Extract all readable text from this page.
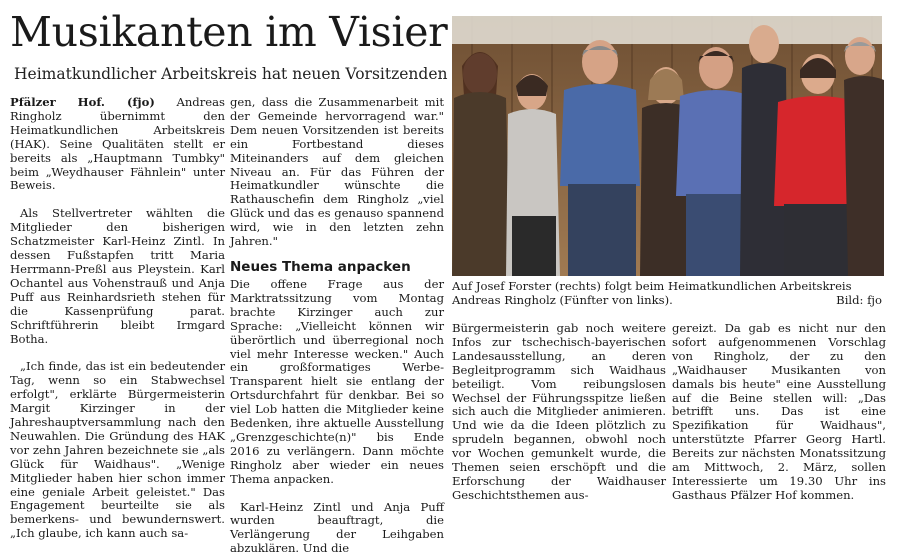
Musikanten im Visier
Heimatkundlicher Arbeitskreis hat neuen Vorsitzenden

Pfälzer Hof. (fjo) Andreas Ringholz übernimmt den Heimatkundlichen Arbeitskreis (HAK). Seine Qualitäten stellt er bereits als „Hauptmann Tumbky" beim „Weydhauser Fähnlein" unter Beweis.

Als Stellvertreter wählten die Mitglieder den bisherigen Schatzmeister Karl-Heinz Zintl. In dessen Fußstapfen tritt Maria Herrmann-Preßl aus Pleystein. Karl Ochantel aus Vohenstrauß und Anja Puff aus Reinhardsrieth stehen für die Kassenprüfung parat. Schriftführerin bleibt Irmgard Botha.

„Ich finde, das ist ein bedeutender Tag, wenn so ein Stabwechsel erfolgt", erklärte Bürgermeisterin Margit Kirzinger in der Jahreshauptversammlung nach den Neuwahlen. Die Gründung des HAK vor zehn Jahren bezeichnete sie „als Glück für Waidhaus". „Wenige Mitglieder haben hier schon immer eine geniale Arbeit geleistet." Das Engagement beurteilte sie als bemerkens- und bewundernswert. „Ich glaube, ich kann auch sa-

gen, dass die Zusammenarbeit mit der Gemeinde hervorragend war." Dem neuen Vorsitzenden ist bereits ein Fortbestand dieses Miteinanders auf dem gleichen Niveau an. Für das Führen der Heimatkundler wünschte die Rathauschefin dem Ringholz „viel Glück und das es genauso spannend wird, wie in den letzten zehn Jahren."

Neues Thema anpacken

Die offene Frage aus der Marktratssitzung vom Montag brachte Kirzinger auch zur Sprache: „Vielleicht können wir überörtlich und überregional noch viel mehr Interesse wecken." Auch ein großformatiges Werbe-Transparent hielt sie entlang der Ortsdurchfahrt für denkbar. Bei so viel Lob hatten die Mitglieder keine Bedenken, ihre aktuelle Ausstellung „Grenzgeschichte(n)" bis Ende 2016 zu verlängern. Dann möchte Ringholz aber wieder ein neues Thema anpacken.

Karl-Heinz Zintl und Anja Puff wurden beauftragt, die Verlängerung der Leihgaben abzuklären. Und die

Auf Josef Forster (rechts) folgt beim Heimatkundlichen Arbeitskreis Andreas Ringholz (Fünfter von links).	Bild: fjo

Bürgermeisterin gab noch weitere Infos zur tschechisch-bayerischen Landesausstellung, an deren Begleitprogramm sich Waidhaus beteiligt. Vom reibungslosen Wechsel der Führungsspitze ließen sich auch die Mitglieder animieren. Und wie da die Ideen plötzlich zu sprudeln begannen, obwohl noch vor Wochen gemunkelt wurde, die Themen seien erschöpft und die Erforschung der Waidhauser Geschichtsthemen aus-

gereizt. Da gab es nicht nur den sofort aufgenommenen Vorschlag von Ringholz, der zu den „Waidhauser Musikanten von damals bis heute" eine Ausstellung auf die Beine stellen will: „Das betrifft uns. Das ist eine Spezifikation für Waidhaus", unterstützte Pfarrer Georg Hartl. Bereits zur nächsten Monatssitzung am Mittwoch, 2. März, sollen Interessierte um 19.30 Uhr ins Gasthaus Pfälzer Hof kommen.
